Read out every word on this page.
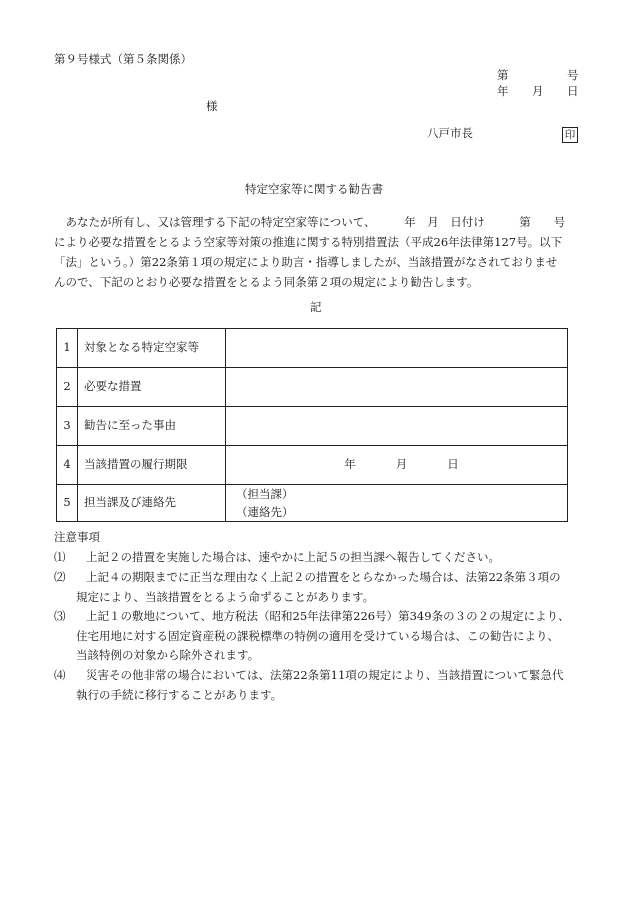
第９号様式（第５条関係）
第	号
年 月 日
様
八戸市長	印
特定空家等に関する勧告書
　あなたが所有し、又は管理する下記の特定空家等について、　　　年　月　日付け　　　第　　号
により必要な措置をとるよう空家等対策の推進に関する特別措置法（平成26年法律第127号。以下
「法」という。）第22条第１項の規定により助言・指導しましたが、当該措置がなされておりませ
んので、下記のとおり必要な措置をとるよう同条第２項の規定により勧告します。
記
1	対象となる特定空家等	
2	必要な措置	
3	勧告に至った事由	
4	当該措置の履行期限	年 月 日

5	担当課及び連絡先	（担当課）
（連絡先）
注意事項
⑴	上記２の措置を実施した場合は、速やかに上記５の担当課へ報告してください。
⑵	上記４の期限までに正当な理由なく上記２の措置をとらなかった場合は、法第22条第３項の
規定により、当該措置をとるよう命ずることがあります。
⑶	上記１の敷地について、地方税法（昭和25年法律第226号）第349条の３の２の規定により、
住宅用地に対する固定資産税の課税標準の特例の適用を受けている場合は、この勧告により、
当該特例の対象から除外されます。
⑷	災害その他非常の場合においては、法第22条第11項の規定により、当該措置について緊急代
執行の手続に移行することがあります。
